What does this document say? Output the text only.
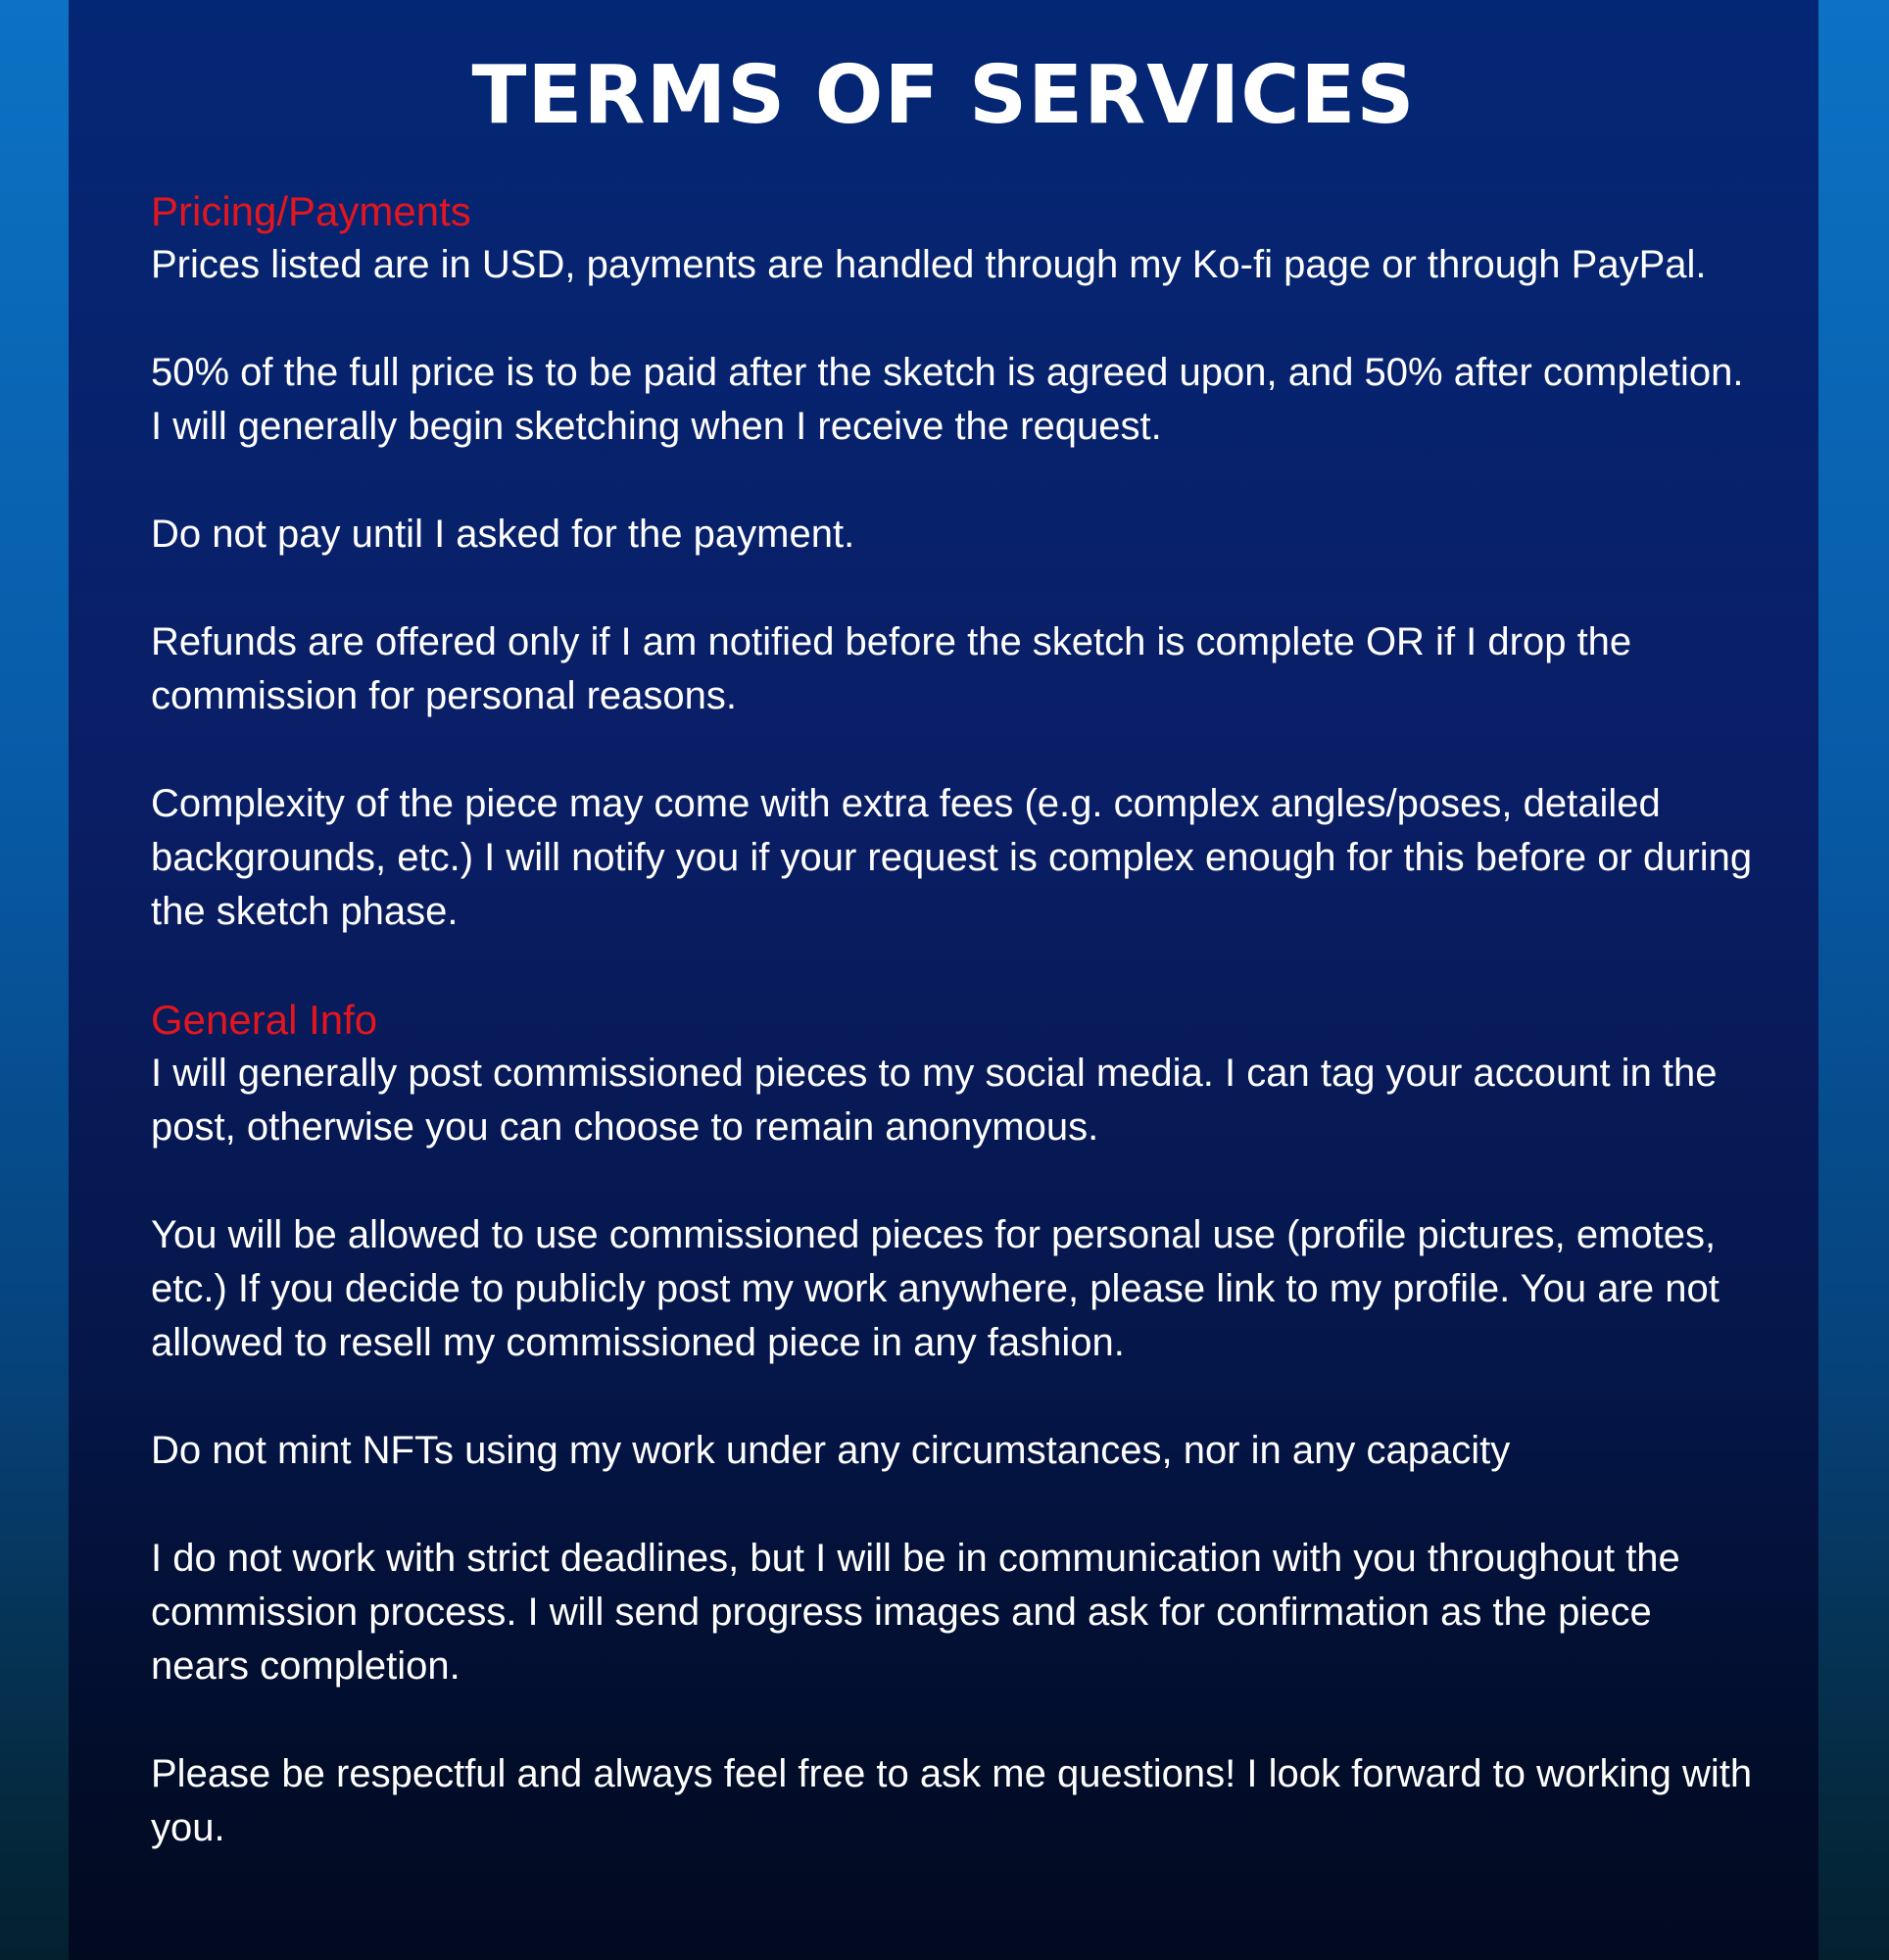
TERMS OF SERVICES

Pricing/Payments

Prices listed are in USD, payments are handled through my Ko-fi page or through PayPal.

50% of the full price is to be paid after the sketch is agreed upon, and 50% after completion. I will generally begin sketching when I receive the request.

Do not pay until I asked for the payment.

Refunds are offered only if I am notified before the sketch is complete OR if I drop the commission for personal reasons.

Complexity of the piece may come with extra fees (e.g. complex angles/poses, detailed backgrounds, etc.) I will notify you if your request is complex enough for this before or during the sketch phase.

General Info

I will generally post commissioned pieces to my social media. I can tag your account in the post, otherwise you can choose to remain anonymous.

You will be allowed to use commissioned pieces for personal use (profile pictures, emotes, etc.) If you decide to publicly post my work anywhere, please link to my profile. You are not allowed to resell my commissioned piece in any fashion.

Do not mint NFTs using my work under any circumstances, nor in any capacity

I do not work with strict deadlines, but I will be in communication with you throughout the commission process. I will send progress images and ask for confirmation as the piece nears completion.

Please be respectful and always feel free to ask me questions! I look forward to working with you.
